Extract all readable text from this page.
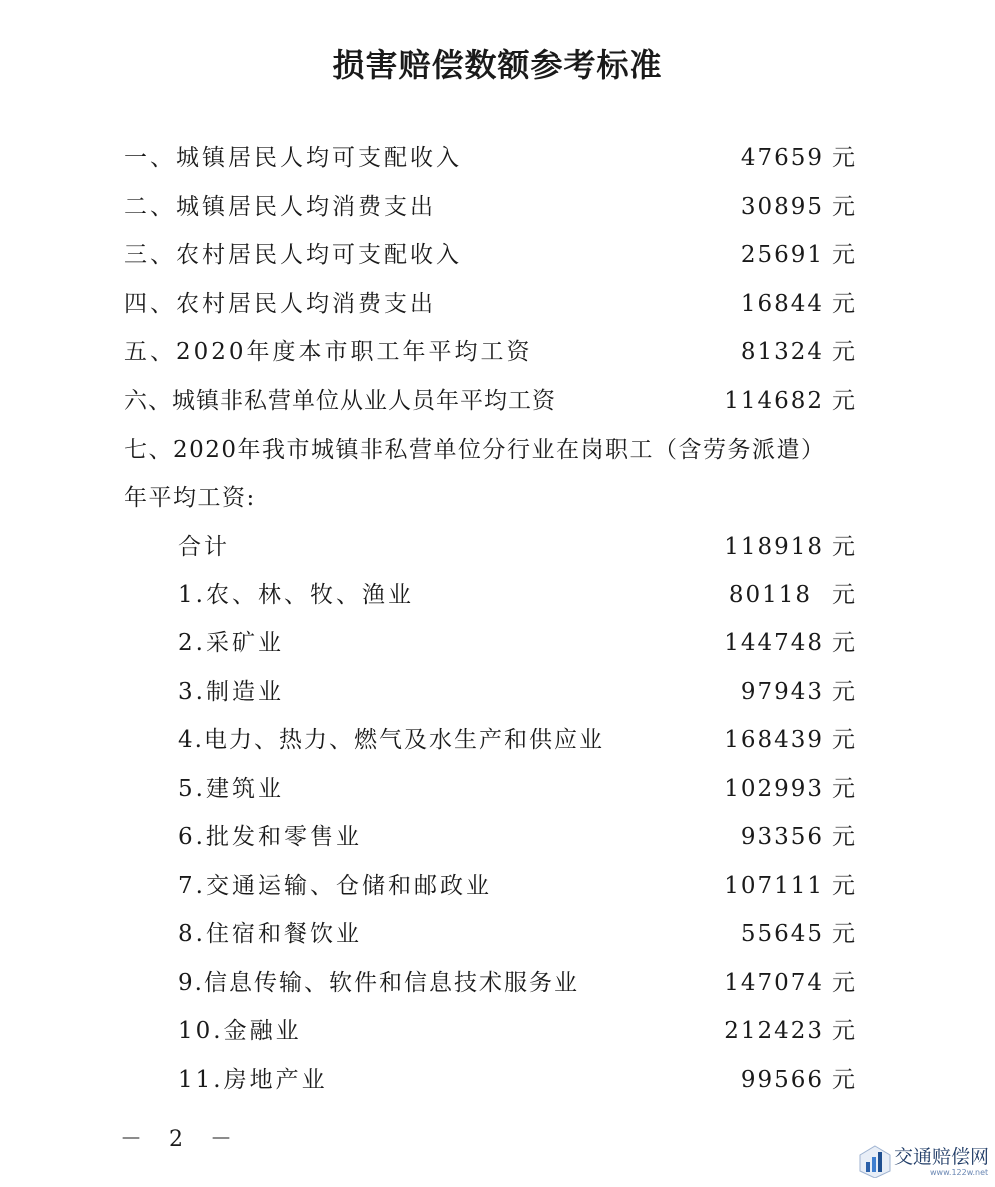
损害赔偿数额参考标准
一、城镇居民人均可支配收入	47659 元
二、城镇居民人均消费支出	30895 元
三、农村居民人均可支配收入	25691 元
四、农村居民人均消费支出	16844 元
五、2020年度本市职工年平均工资	81324 元
六、城镇非私营单位从业人员年平均工资	114682 元
七、2020年我市城镇非私营单位分行业在岗职工（含劳务派遣）
年平均工资:
合计	118918 元
1.农、林、牧、渔业	80118 元
2.采矿业	144748 元
3.制造业	97943 元
4.电力、热力、燃气及水生产和供应业	168439 元
5.建筑业	102993 元
6.批发和零售业	93356 元
7.交通运输、仓储和邮政业	107111 元
8.住宿和餐饮业	55645 元
9.信息传输、软件和信息技术服务业	147074 元
10.金融业	212423 元
11.房地产业	99566 元
－ 2 －
交通赔偿网
www.122w.net
